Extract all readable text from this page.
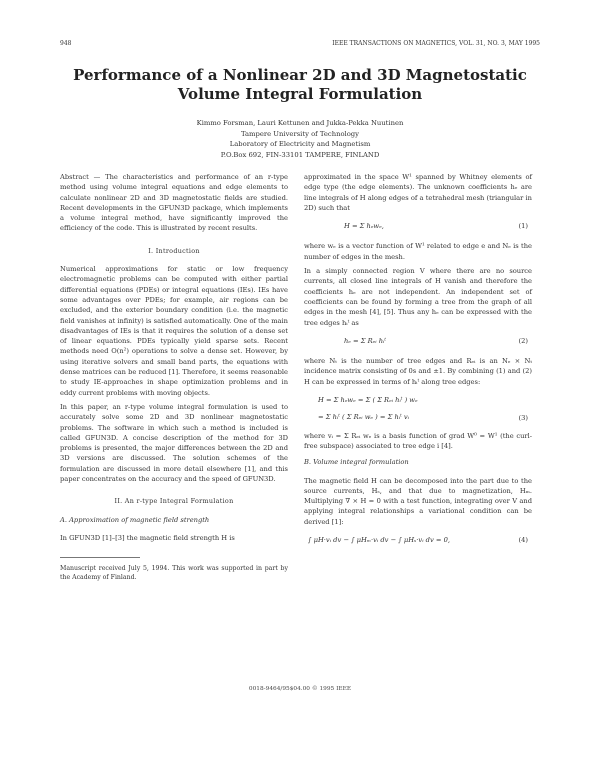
948	IEEE TRANSACTIONS ON MAGNETICS, VOL. 31, NO. 3, MAY 1995
Performance of a Nonlinear 2D and 3D Magnetostatic
Volume Integral Formulation
Kimmo Forsman, Lauri Kettunen and Jukka-Pekka Nuutinen
Tampere University of Technology
Laboratory of Electricity and Magnetism
P.O.Box 692, FIN-33101 TAMPERE, FINLAND

Abstract — The characteristics and performance of an r-type method using volume integral equations and edge elements to calculate nonlinear 2D and 3D magnetostatic fields are studied. Recent developments in the GFUN3D package, which implements a volume integral method, have significantly improved the efficiency of the code. This is illustrated by recent results.

I. Introduction

Numerical approximations for static or low frequency electromagnetic problems can be computed with either partial differential equations (PDEs) or integral equations (IEs). IEs have some advantages over PDEs; for example, air regions can be excluded, and the exterior boundary condition (i.e. the magnetic field vanishes at infinity) is satisfied automatically. One of the main disadvantages of IEs is that it requires the solution of a dense set of linear equations. PDEs typically yield sparse sets. Recent methods need O(n²) operations to solve a dense set. However, by using iterative solvers and small band parts, the equations with dense matrices can be reduced [1]. Therefore, it seems reasonable to study IE-approaches in shape optimization problems and in eddy current problems with moving objects.

In this paper, an r-type volume integral formulation is used to accurately solve some 2D and 3D nonlinear magnetostatic problems. The software in which such a method is included is called GFUN3D. A concise description of the method for 3D problems is presented, the major differences between the 2D and 3D versions are discussed. The solution schemes of the formulation are discussed in more detail elsewhere [1], and this paper concentrates on the accuracy and the speed of GFUN3D.

II. An r-type Integral Formulation
A. Approximation of magnetic field strength

In GFUN3D [1]–[3] the magnetic field strength H is

Manuscript received July 5, 1994. This work was supported in part by the Academy of Finland.

approximated in the space W¹ spanned by Whitney elements of edge type (the edge elements). The unknown coefficients hₑ are line integrals of H along edges of a tetrahedral mesh (triangular in 2D) such that

H = Σ hₑwₑ,	(1)

where wₑ is a vector function of W¹ related to edge e and Nₑ is the number of edges in the mesh.

In a simply connected region V where there are no source currents, all closed line integrals of H vanish and therefore the coefficients hₑ are not independent. An independent set of coefficients can be found by forming a tree from the graph of all edges in the mesh [4], [5]. Thus any hₑ can be expressed with the tree edges hᵢᵗ as

hₑ = Σ Rₑᵢ hᵢᵗ	(2)

where Nₜ is the number of tree edges and Rₑᵢ is an Nₑ × Nₜ incidence matrix consisting of 0s and ±1. By combining (1) and (2) H can be expressed in terms of hᵢᵗ along tree edges:

H = Σ hₑwₑ = Σ ( Σ Rₑᵢ hᵢᵗ ) wₑ
= Σ hᵢᵗ ( Σ Rₑᵢ wₑ ) = Σ hᵢᵗ vᵢ	(3)

where vᵢ = Σ Rₑᵢ wₑ is a basis function of grad W⁰ = W¹ (the curl-free subspace) associated to tree edge i [4].

B. Volume integral formulation

The magnetic field H can be decomposed into the part due to the source currents, Hₛ, and that due to magnetization, Hₘ. Multiplying ∇ × H = 0 with a test function, integrating over V and applying integral relationships a variational condition can be derived [1]:

∫ μH·vᵢ dv − ∫ μHₘ·vᵢ dv − ∫ μHₛ·vᵢ dv = 0,	(4)
0018-9464/95$04.00 © 1995 IEEE
